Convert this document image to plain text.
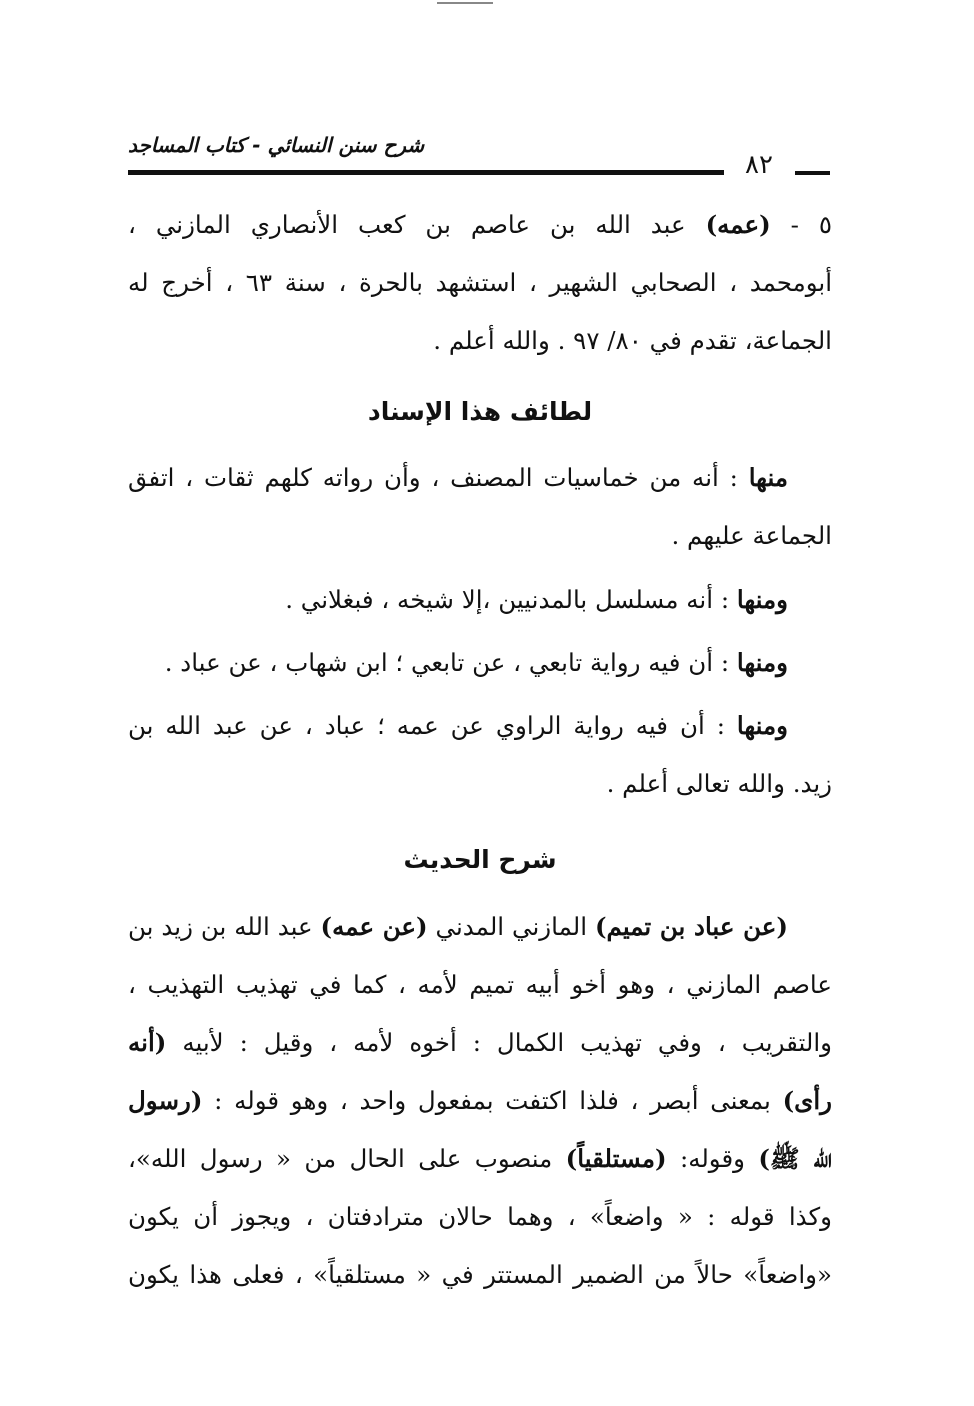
شرح سنن النسائي - كتاب المساجد
٨٢
٥ - (عمه) عبد الله بن عاصم بن كعب الأنصاري المازني ،
أبومحمد ، الصحابي الشهير ، استشهد بالحرة ، سنة ٦٣ ، أخرج له
الجماعة، تقدم في ٨٠/ ٩٧ . والله أعلم .
لطائف هذا الإسناد
منها : أنه من خماسيات المصنف ، وأن رواته كلهم ثقات ، اتفق
الجماعة عليهم .
ومنها : أنه مسلسل بالمدنيين ،إلا شيخه ، فبغلاني .
ومنها : أن فيه رواية تابعي ، عن تابعي ؛ ابن شهاب ، عن عباد .
ومنها : أن فيه رواية الراوي عن عمه ؛ عباد ، عن عبد الله بن
زيد. والله تعالى أعلم .
شرح الحديث
(عن عباد بن تميم) المازني المدني (عن عمه) عبد الله بن زيد بن
عاصم المازني ، وهو أخو أبيه تميم لأمه ، كما في تهذيب التهذيب ،
والتقريب ، وفي تهذيب الكمال : أخوه لأمه ، وقيل : لأبيه (أنه
رأى) بمعنى أبصر ، فلذا اكتفت بمفعول واحد ، وهو قوله : (رسول
الله ﷺ) وقوله: (مستلقياً) منصوب على الحال من « رسول الله»،
وكذا قوله : « واضعاً» ، وهما حالان مترادفتان ، ويجوز أن يكون
«واضعاً» حالاً من الضمير المستتر في « مستلقياً» ، فعلى هذا يكون
